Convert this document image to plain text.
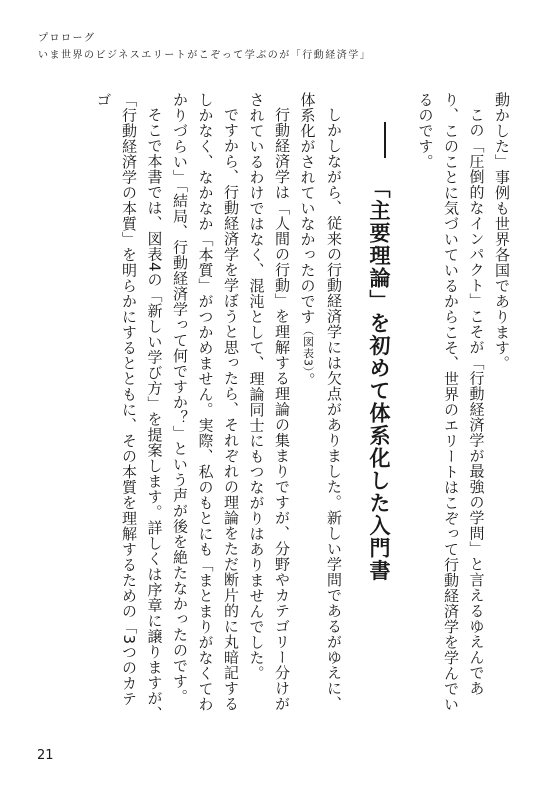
プロローグ
いま世界のビジネスエリートがこぞって学ぶのが「行動経済学」

動かした」事例も世界各国であります。

この「圧倒的なインパクト」こそが「行動経済学が最強の学問」と言えるゆえんであり、このことに気づいているからこそ、世界のエリートはこぞって行動経済学を学んでいるのです。

「主要理論」を初めて体系化した入門書

しかしながら、従来の行動経済学には欠点がありました。新しい学問であるがゆえに、体系化がされていなかったのです（図表3）。

行動経済学は「人間の行動」を理解する理論の集まりですが、分野やカテゴリー分けがされているわけではなく、混沌として、理論同士にもつながりはありませんでした。

ですから、行動経済学を学ぼうと思ったら、それぞれの理論をただ断片的に丸暗記するしかなく、なかなか「本質」がつかめません。実際、私のもとにも「まとまりがなくてわかりづらい」「結局、行動経済学って何ですか？」という声が後を絶たなかったのです。

そこで本書では、図表4の「新しい学び方」を提案します。詳しくは序章に譲りますが、「行動経済学の本質」を明らかにするとともに、その本質を理解するための「3つのカテゴ

21
